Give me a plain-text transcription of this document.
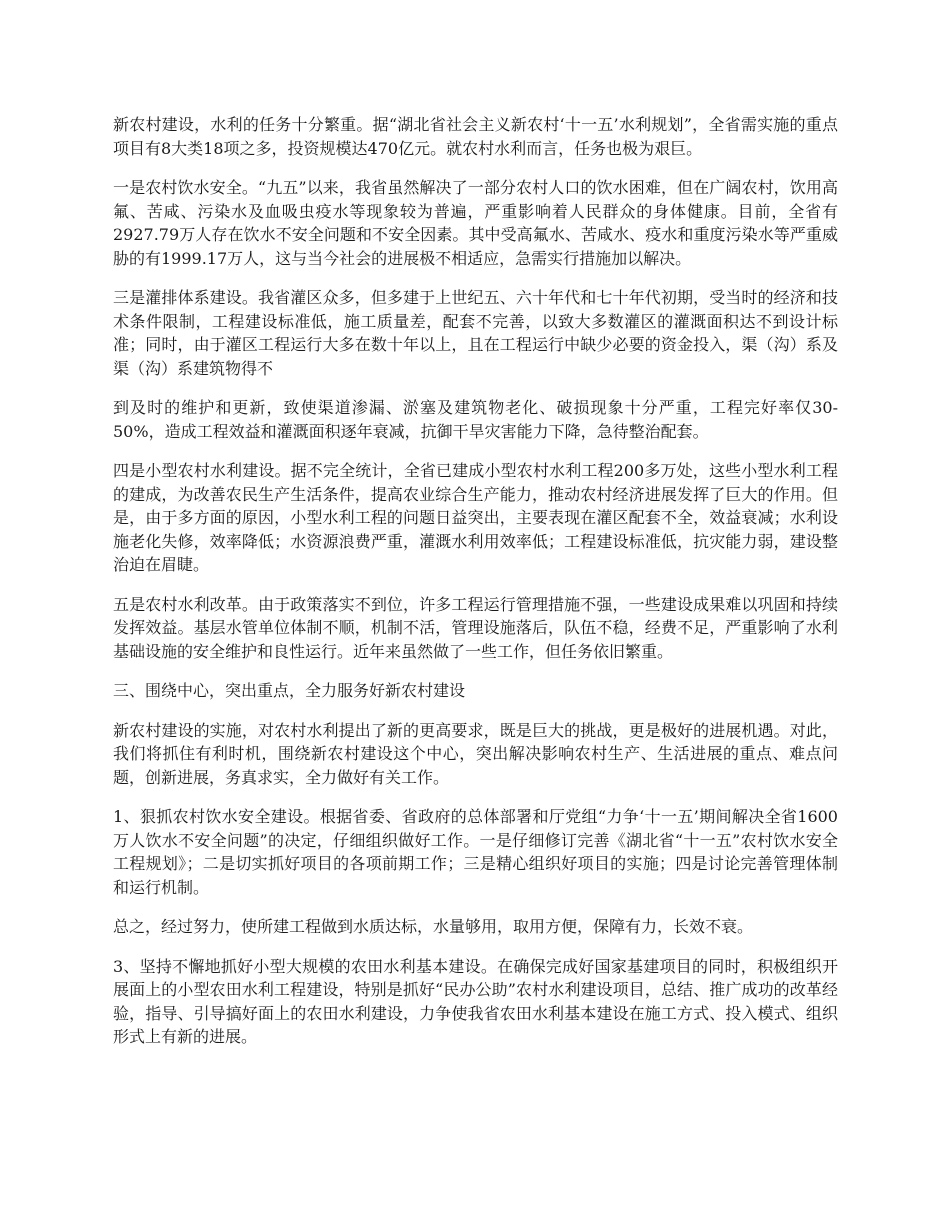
新农村建设，水利的任务十分繁重。据“湖北省社会主义新农村‘十一五’水利规划”，全省需实施的重点项目有8大类18项之多，投资规模达470亿元。就农村水利而言，任务也极为艰巨。

一是农村饮水安全。“九五”以来，我省虽然解决了一部分农村人口的饮水困难，但在广阔农村，饮用高氟、苦咸、污染水及血吸虫疫水等现象较为普遍，严重影响着人民群众的身体健康。目前，全省有2927.79万人存在饮水不安全问题和不安全因素。其中受高氟水、苦咸水、疫水和重度污染水等严重威胁的有1999.17万人，这与当今社会的进展极不相适应，急需实行措施加以解决。

三是灌排体系建设。我省灌区众多，但多建于上世纪五、六十年代和七十年代初期，受当时的经济和技术条件限制，工程建设标准低，施工质量差，配套不完善，以致大多数灌区的灌溉面积达不到设计标准；同时，由于灌区工程运行大多在数十年以上，且在工程运行中缺少必要的资金投入，渠（沟）系及渠（沟）系建筑物得不

到及时的维护和更新，致使渠道渗漏、淤塞及建筑物老化、破损现象十分严重，工程完好率仅30-50%，造成工程效益和灌溉面积逐年衰减，抗御干旱灾害能力下降，急待整治配套。

四是小型农村水利建设。据不完全统计，全省已建成小型农村水利工程200多万处，这些小型水利工程的建成，为改善农民生产生活条件，提高农业综合生产能力，推动农村经济进展发挥了巨大的作用。但是，由于多方面的原因，小型水利工程的问题日益突出，主要表现在灌区配套不全，效益衰减；水利设施老化失修，效率降低；水资源浪费严重，灌溉水利用效率低；工程建设标准低，抗灾能力弱，建设整治迫在眉睫。

五是农村水利改革。由于政策落实不到位，许多工程运行管理措施不强，一些建设成果难以巩固和持续发挥效益。基层水管单位体制不顺，机制不活，管理设施落后，队伍不稳，经费不足，严重影响了水利基础设施的安全维护和良性运行。近年来虽然做了一些工作，但任务依旧繁重。

三、围绕中心，突出重点，全力服务好新农村建设

新农村建设的实施，对农村水利提出了新的更高要求，既是巨大的挑战，更是极好的进展机遇。对此，我们将抓住有利时机，围绕新农村建设这个中心，突出解决影响农村生产、生活进展的重点、难点问题，创新进展，务真求实，全力做好有关工作。

1、狠抓农村饮水安全建设。根据省委、省政府的总体部署和厅党组“力争‘十一五’期间解决全省1600万人饮水不安全问题”的决定，仔细组织做好工作。一是仔细修订完善《湖北省“十一五”农村饮水安全工程规划》；二是切实抓好项目的各项前期工作；三是精心组织好项目的实施；四是讨论完善管理体制和运行机制。

总之，经过努力，使所建工程做到水质达标，水量够用，取用方便，保障有力，长效不衰。

3、坚持不懈地抓好小型大规模的农田水利基本建设。在确保完成好国家基建项目的同时，积极组织开展面上的小型农田水利工程建设，特别是抓好“民办公助”农村水利建设项目，总结、推广成功的改革经验，指导、引导搞好面上的农田水利建设，力争使我省农田水利基本建设在施工方式、投入模式、组织形式上有新的进展。
